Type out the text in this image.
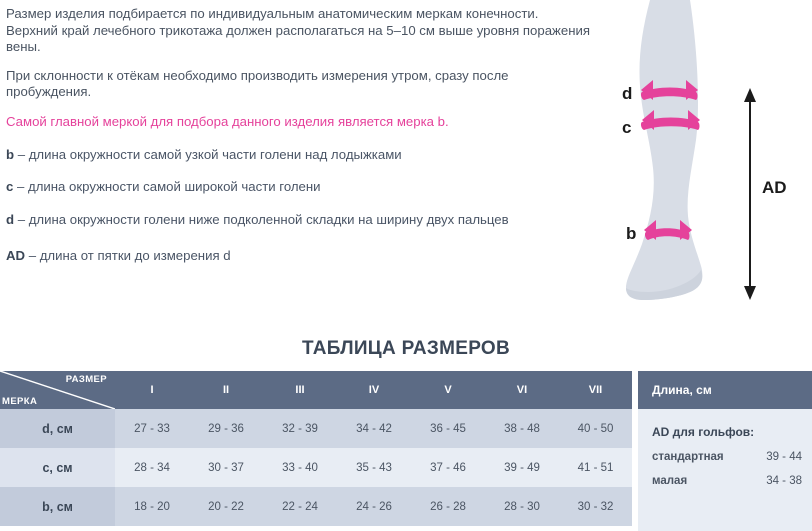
Размер изделия подбирается по индивидуальным анатомическим меркам конечности. Верхний край лечебного трикотажа должен располагаться на 5–10 см выше уровня поражения вены.

При склонности к отёкам необходимо производить измерения утром, сразу после пробуждения.

Самой главной меркой для подбора данного изделия является мерка b.

b – длина окружности самой узкой части голени над лодыжками

c – длина окружности самой широкой части голени

d – длина окружности голени ниже подколенной складки на ширину двух пальцев

AD – длина от пятки до измерения d

d
c
b
AD
ТАБЛИЦА РАЗМЕРОВ
РАЗМЕР
МЕРКА	I	II	III	IV	V	VI	VII
d, см	27 - 33	29 - 36	32 - 39	34 - 42	36 - 45	38 - 48	40 - 50
c, см	28 - 34	30 - 37	33 - 40	35 - 43	37 - 46	39 - 49	41 - 51
b, см	18 - 20	20 - 22	22 - 24	24 - 26	26 - 28	28 - 30	30 - 32
Длина, см
AD для гольфов:
стандартная	39 - 44
малая	34 - 38
